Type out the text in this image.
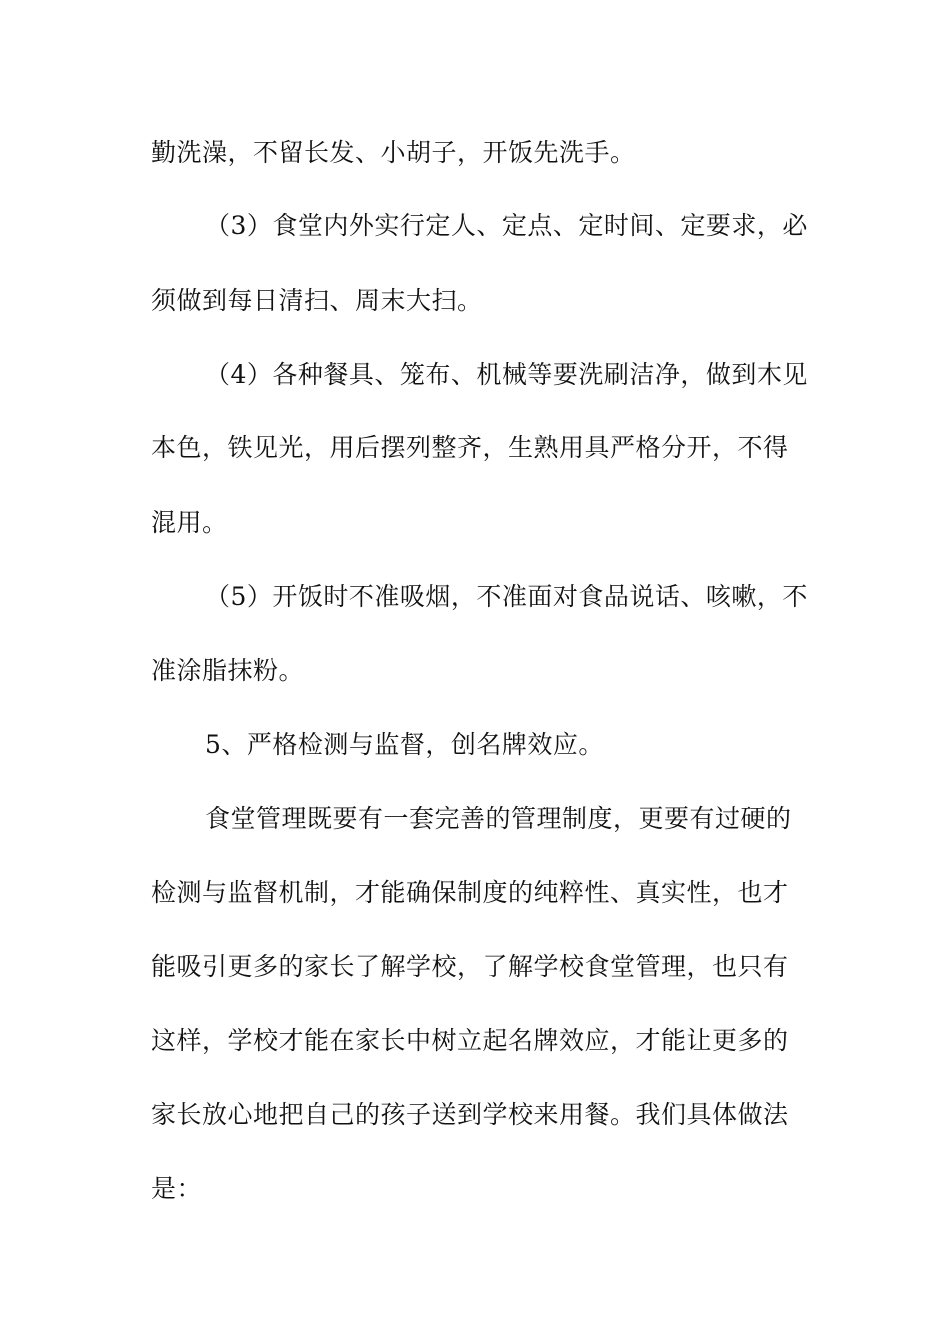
勤洗澡，不留长发、小胡子，开饭先洗手。
（3）食堂内外实行定人、定点、定时间、定要求，必
须做到每日清扫、周末大扫。
（4）各种餐具、笼布、机械等要洗刷洁净，做到木见
本色，铁见光，用后摆列整齐，生熟用具严格分开，不得
混用。
（5）开饭时不准吸烟，不准面对食品说话、咳嗽，不
准涂脂抹粉。
5、严格检测与监督，创名牌效应。
食堂管理既要有一套完善的管理制度，更要有过硬的
检测与监督机制，才能确保制度的纯粹性、真实性，也才
能吸引更多的家长了解学校，了解学校食堂管理，也只有
这样，学校才能在家长中树立起名牌效应，才能让更多的
家长放心地把自己的孩子送到学校来用餐。我们具体做法
是：
